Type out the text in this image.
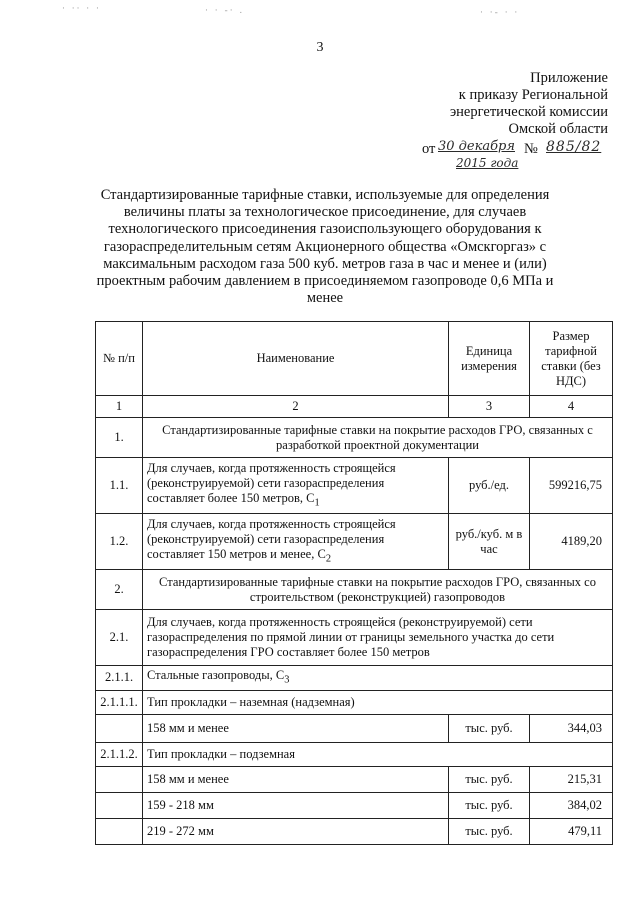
· ·· · ·	· · -· .	· ·- · ·
3
Приложение
к приказу Региональной
энергетической комиссии
Омской области
от 30 декабря № 885/82
2015 года
Стандартизированные тарифные ставки, используемые для определения величины платы за технологическое присоединение, для случаев технологического присоединения газоиспользующего оборудования к газораспределительным сетям Акционерного общества «Омскгоргаз» с максимальным расходом газа 500 куб. метров газа в час и менее и (или) проектным рабочим давлением в присоединяемом газопроводе 0,6 МПа и менее
№ п/п	Наименование	Единица измерения	Размер тарифной ставки (без НДС)
1	2	3	4
1.	Стандартизированные тарифные ставки на покрытие расходов ГРО, связанных с разработкой проектной документации		
1.1.	Для случаев, когда протяженность строящейся (реконструируемой) сети газораспределения составляет более 150 метров, $С_1$	руб./ед.	599216,75
1.2.	Для случаев, когда протяженность строящейся (реконструируемой) сети газораспределения составляет 150 метров и менее, $С_2$	руб./куб. м в час	4189,20
2.	Стандартизированные тарифные ставки на покрытие расходов ГРО, связанных со строительством (реконструкцией) газопроводов		
2.1.	Для случаев, когда протяженность строящейся (реконструируемой) сети газораспределения по прямой линии от границы земельного участка до сети газораспределения ГРО составляет более 150 метров		
2.1.1.	Стальные газопроводы, $С_3$
2.1.1.1.	Тип прокладки – наземная (надземная)		
	158 мм и менее	тыс. руб.	344,03
2.1.1.2.	Тип прокладки – подземная		
	158 мм и менее	тыс. руб.	215,31
	159 - 218 мм	тыс. руб.	384,02
	219 - 272 мм	тыс. руб.	479,11
